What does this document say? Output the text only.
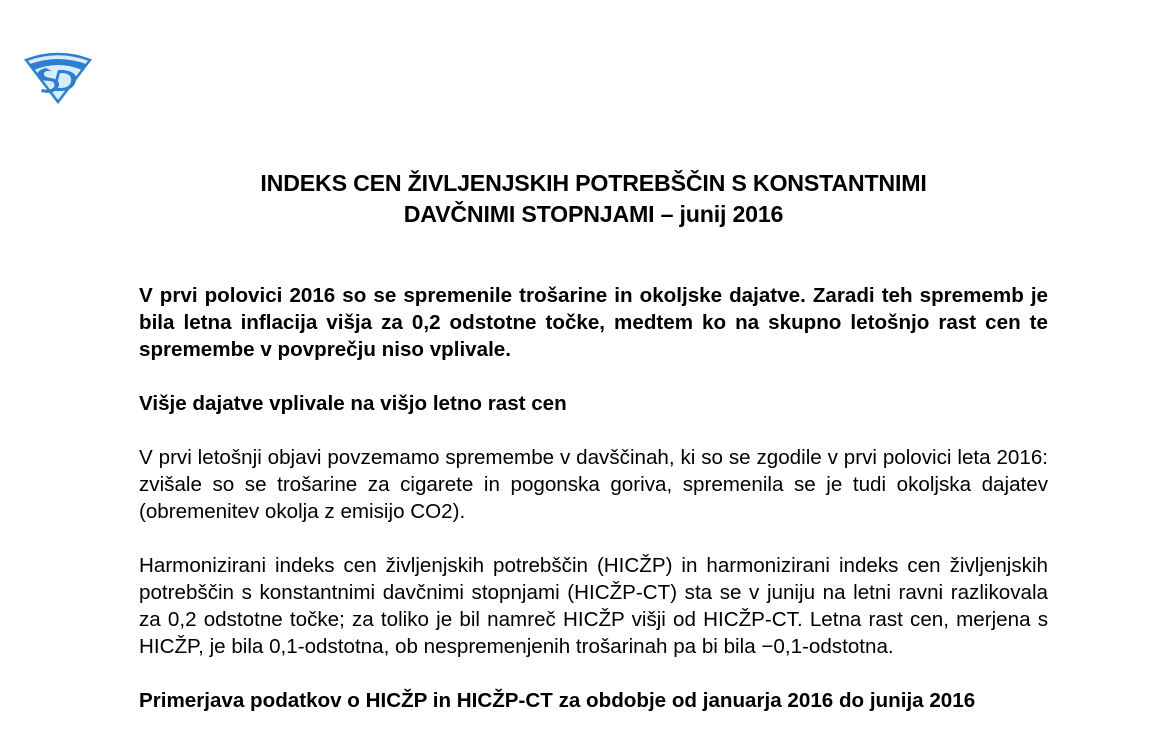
INDEKS CEN ŽIVLJENJSKIH POTREBŠČIN S KONSTANTNIMI
DAVČNIMI STOPNJAMI – junij 2016

V prvi polovici 2016 so se spremenile trošarine in okoljske dajatve. Zaradi teh sprememb je bila letna inflacija višja za 0,2 odstotne točke, medtem ko na skupno letošnjo rast cen te spremembe v povprečju niso vplivale.

Višje dajatve vplivale na višjo letno rast cen

V prvi letošnji objavi povzemamo spremembe v davščinah, ki so se zgodile v prvi polovici leta 2016: zvišale so se trošarine za cigarete in pogonska goriva, spremenila se je tudi okoljska dajatev (obremenitev okolja z emisijo CO2).

Harmonizirani indeks cen življenjskih potrebščin (HICŽP) in harmonizirani indeks cen življenjskih potrebščin s konstantnimi davčnimi stopnjami (HICŽP-CT) sta se v juniju na letni ravni razlikovala za 0,2 odstotne točke; za toliko je bil namreč HICŽP višji od HICŽP-CT. Letna rast cen, merjena s HICŽP, je bila 0,1-odstotna, ob nespremenjenih trošarinah pa bi bila −0,1-odstotna.

Primerjava podatkov o HICŽP in HICŽP-CT za obdobje od januarja 2016 do junija 2016
